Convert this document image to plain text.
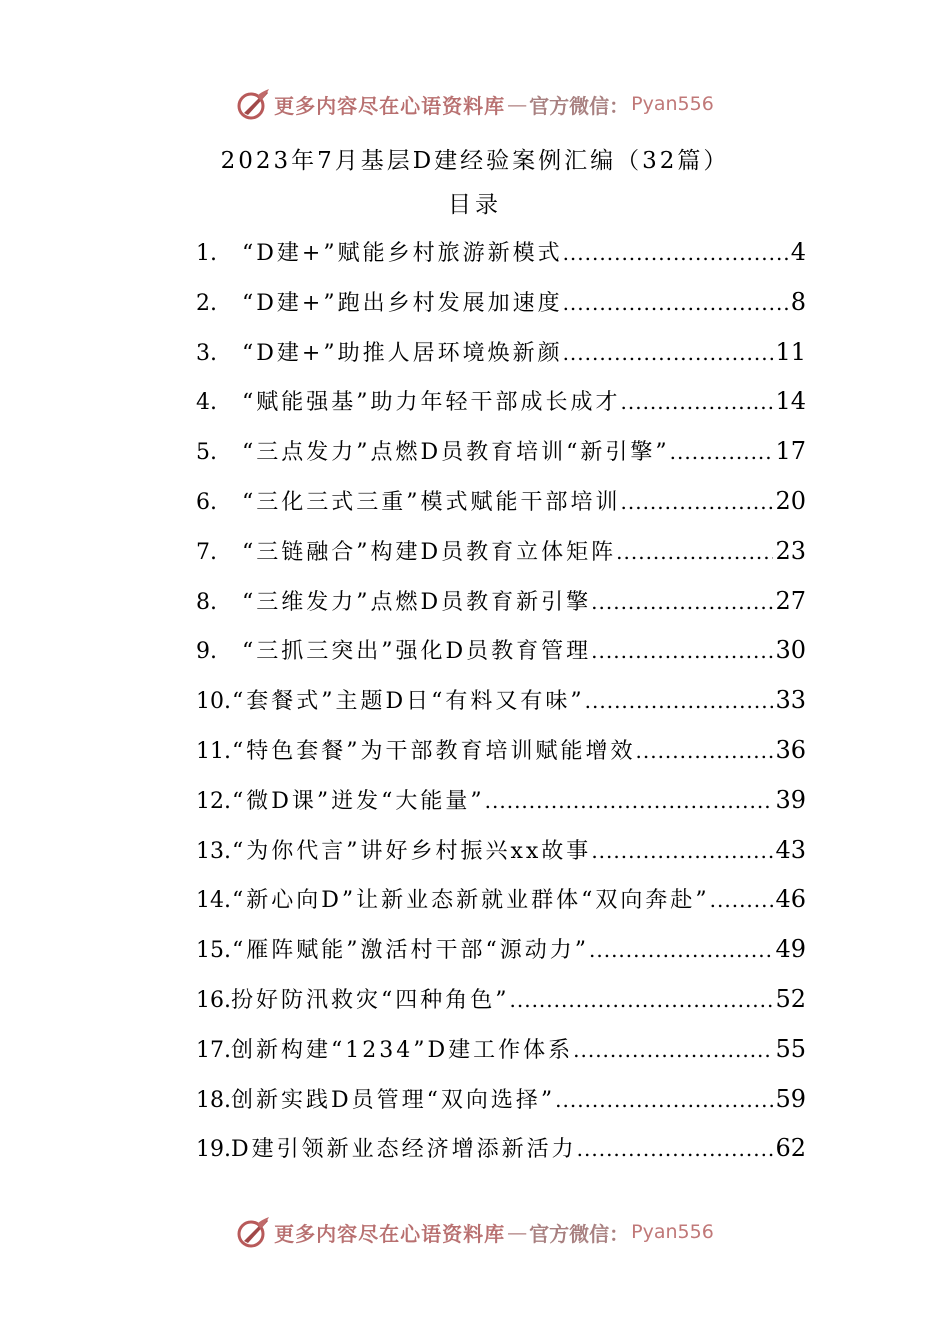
更多内容尽在心语资料库 — 官方微信： Pyan556
2023年7月基层D建经验案例汇编（32篇）
目录
1.	“D建+”赋能乡村旅游新模式 .....	4
2.	“D建+”跑出乡村发展加速度 .....	8
3.	“D建+”助推人居环境焕新颜 .....	11
4.	“赋能强基”助力年轻干部成长成才 .....	14
5.	“三点发力”点燃D员教育培训“新引擎” .....	17
6.	“三化三式三重”模式赋能干部培训 .....	20
7.	“三链融合”构建D员教育立体矩阵 .....	23
8.	“三维发力”点燃D员教育新引擎 .....	27
9.	“三抓三突出”强化D员教育管理 .....	30
10. “套餐式”主题D日“有料又有味” .....	33
11. “特色套餐”为干部教育培训赋能增效 .....	36
12. “微D课”迸发“大能量” .....	39
13. “为你代言”讲好乡村振兴xx故事 .....	43
14. “新心向D”让新业态新就业群体“双向奔赴” .....	46
15. “雁阵赋能”激活村干部“源动力” .....	49
16. 扮好防汛救灾“四种角色” .....	52
17. 创新构建“1234”D建工作体系 .....	55
18. 创新实践D员管理“双向选择” .....	59
19. D建引领新业态经济增添新活力 .....	62
更多内容尽在心语资料库 — 官方微信： Pyan556
